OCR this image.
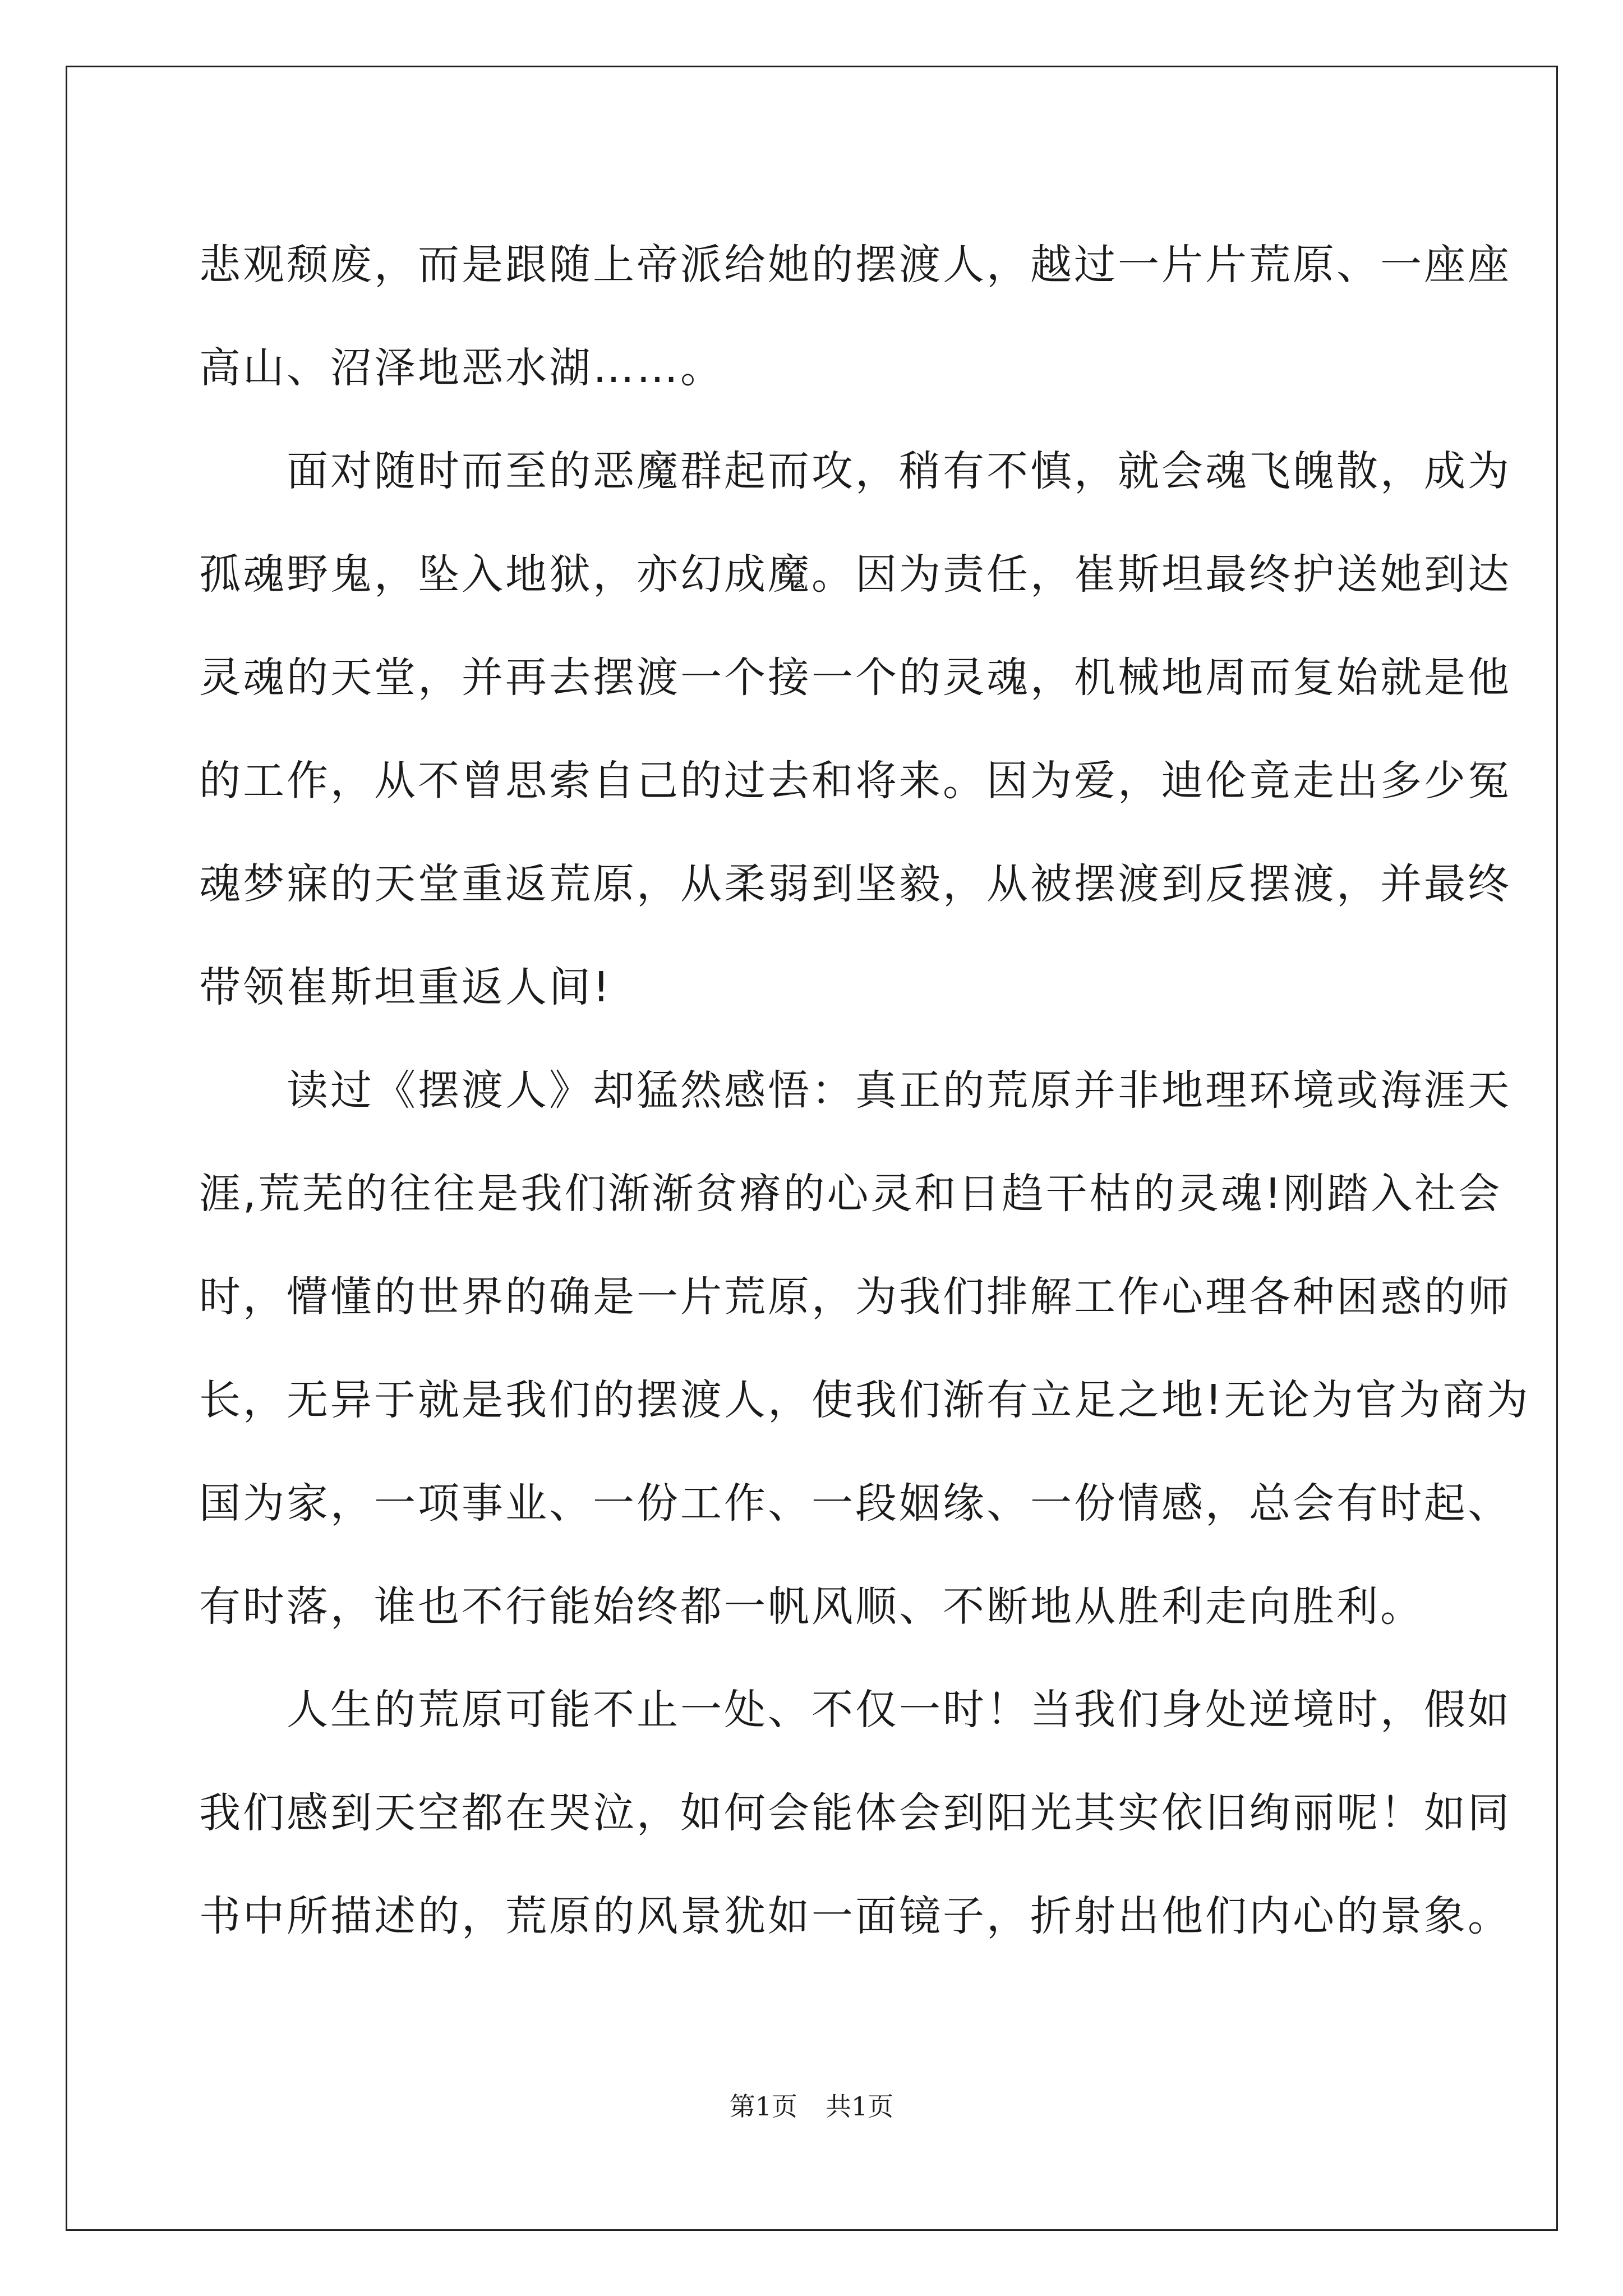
悲观颓废，而是跟随上帝派给她的摆渡人，越过一片片荒原、一座座
高山、沼泽地恶水湖……。
　　面对随时而至的恶魔群起而攻，稍有不慎，就会魂飞魄散，成为
孤魂野鬼，坠入地狱，亦幻成魔。因为责任，崔斯坦最终护送她到达
灵魂的天堂，并再去摆渡一个接一个的灵魂，机械地周而复始就是他
的工作，从不曾思索自己的过去和将来。因为爱，迪伦竟走出多少冤
魂梦寐的天堂重返荒原，从柔弱到坚毅，从被摆渡到反摆渡，并最终
带领崔斯坦重返人间!
　　读过《摆渡人》却猛然感悟：真正的荒原并非地理环境或海涯天
涯,荒芜的往往是我们渐渐贫瘠的心灵和日趋干枯的灵魂!刚踏入社会
时，懵懂的世界的确是一片荒原，为我们排解工作心理各种困惑的师
长，无异于就是我们的摆渡人，使我们渐有立足之地!无论为官为商为
国为家，一项事业、一份工作、一段姻缘、一份情感，总会有时起、
有时落，谁也不行能始终都一帆风顺、不断地从胜利走向胜利。
　　人生的荒原可能不止一处、不仅一时！当我们身处逆境时，假如
我们感到天空都在哭泣，如何会能体会到阳光其实依旧绚丽呢！如同
书中所描述的，荒原的风景犹如一面镜子，折射出他们内心的景象。
第1页 共1页
